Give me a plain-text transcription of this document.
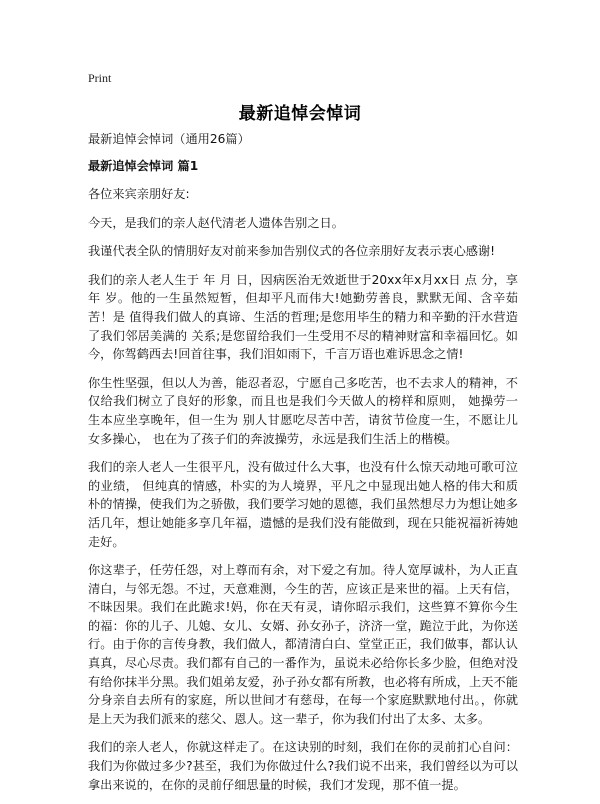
Print
最新追悼会悼词

最新追悼会悼词（通用26篇）

最新追悼会悼词 篇1

各位来宾亲朋好友:

今天，是我们的亲人赵代清老人遗体告别之日。

我谨代表全队的情朋好友对前来参加告别仪式的各位亲朋好友表示衷心感谢!

我们的亲人老人生于 年 月 日，因病医治无效逝世于20xx年x月xx日 点 分，享年 岁。他的一生虽然短暂，但却平凡而伟大!她勤劳善良，默默无闻、含辛茹苦！是 值得我们做人的真谛、生活的哲理;是您用毕生的精力和辛勤的汗水营造了我们邻居美满的 关系;是您留给我们一生受用不尽的精神财富和幸福回忆。如今，你驾鹤西去!回首往事，我们泪如雨下，千言万语也难诉思念之情!

你生性坚强，但以人为善，能忍者忍，宁愿自己多吃苦，也不去求人的精神，不仅给我们树立了良好的形象，而且也是我们今天做人的榜样和原则， 她操劳一生本应坐享晚年，但一生为 别人甘愿吃尽苦中苦，请贫节俭度一生，不愿让儿女多操心， 也在为了孩子们的奔波操劳，永远是我们生活上的楷模。

我们的亲人老人一生很平凡，没有做过什么大事，也没有什么惊天动地可歌可泣的业绩， 但纯真的情感，朴实的为人境界，平凡之中显现出她人格的伟大和质朴的情操，使我们为之骄傲，我们要学习她的恩德，我们虽然想尽力为想让她多活几年，想让她能多享几年福，遗憾的是我们没有能做到，现在只能祝福祈祷她走好。

你这辈子，任劳任怨，对上尊而有余，对下爱之有加。待人宽厚诚朴，为人正直清白，与邻无怨。不过，天意难测，今生的苦，应该正是来世的福。上天有信，不昧因果。我们在此跪求!妈，你在天有灵，请你昭示我们，这些算不算你今生的福：你的儿子、儿媳、女儿、女婿、孙女孙子，济济一堂，跪泣于此，为你送行。由于你的言传身教，我们做人，都清清白白、堂堂正正，我们做事，都认认真真，尽心尽责。我们都有自己的一番作为，虽说未必给你长多少脸，但绝对没有给你抹半分黑。我们姐弟友爱，孙子孙女都有所教，也必将有所成，上天不能分身亲自去所有的家庭，所以世间才有慈母，在每一个家庭默默地付出。，你就是上天为我们派来的慈父、恩人。这一辈子，你为我们付出了太多、太多。

我们的亲人老人，你就这样走了。在这诀别的时刻，我们在你的灵前扪心自问：我们为你做过多少?甚至，我们为你做过什么?我们说不出来，我们曾经以为可以拿出来说的，在你的灵前仔细思量的时候，我们才发现，那不值一提。
